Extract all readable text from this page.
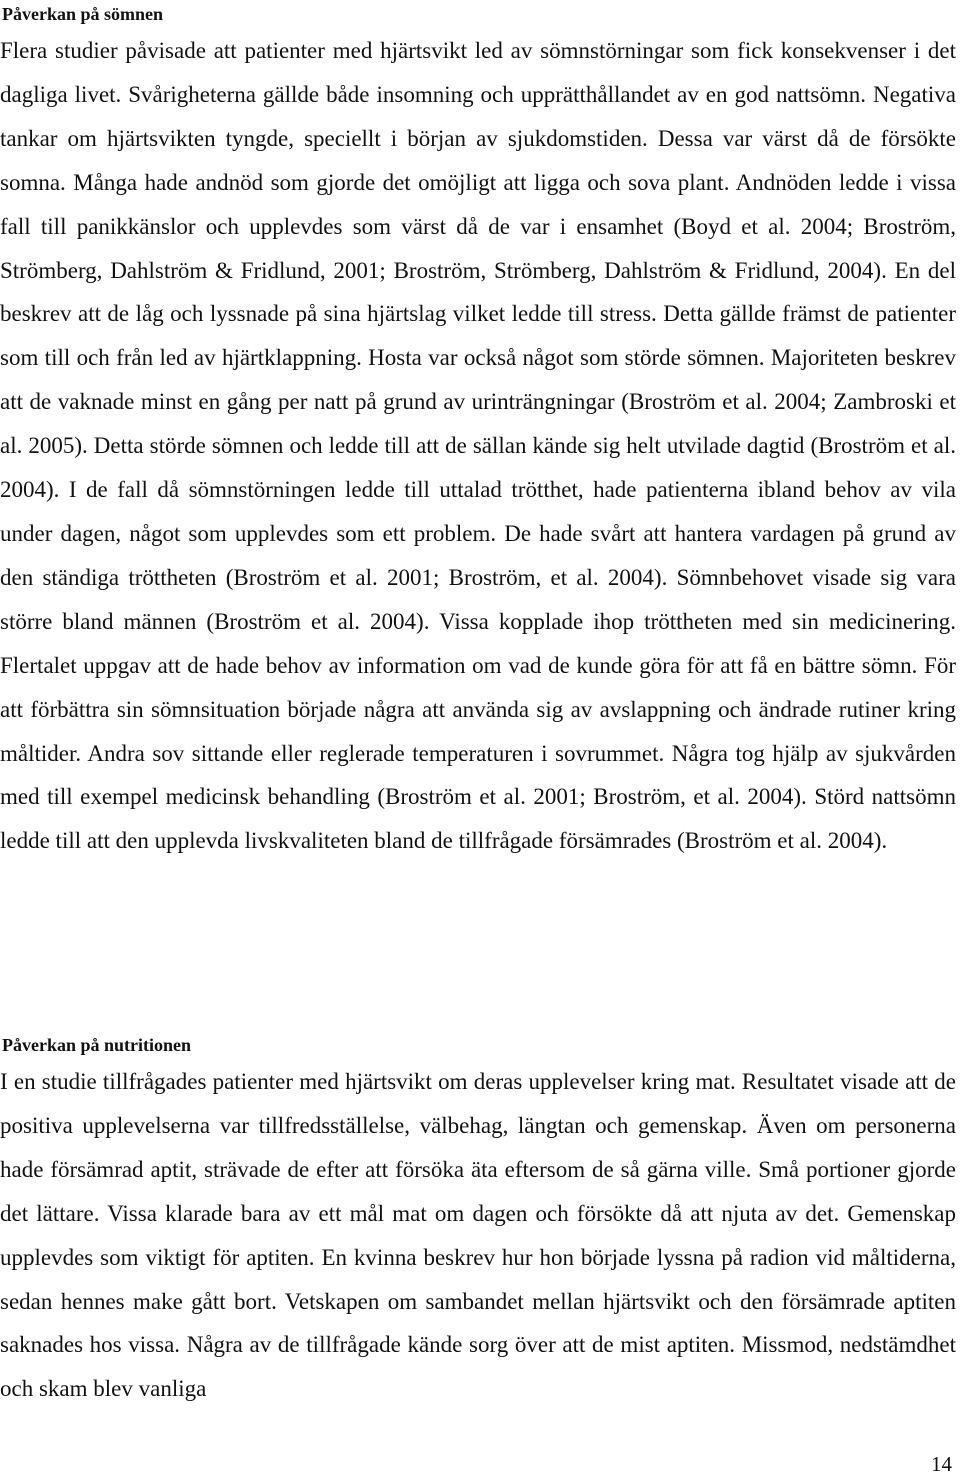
Påverkan på sömnen

Flera studier påvisade att patienter med hjärtsvikt led av sömnstörningar som fick konsekvenser i det dagliga livet. Svårigheterna gällde både insomning och upprätthållandet av en god nattsömn. Negativa tankar om hjärtsvikten tyngde, speciellt i början av sjukdomstiden. Dessa var värst då de försökte somna. Många hade andnöd som gjorde det omöjligt att ligga och sova plant. Andnöden ledde i vissa fall till panikkänslor och upplevdes som värst då de var i ensamhet (Boyd et al. 2004; Broström, Strömberg, Dahlström & Fridlund, 2001; Broström, Strömberg, Dahlström & Fridlund, 2004). En del beskrev att de låg och lyssnade på sina hjärtslag vilket ledde till stress. Detta gällde främst de patienter som till och från led av hjärtklappning. Hosta var också något som störde sömnen. Majoriteten beskrev att de vaknade minst en gång per natt på grund av urinträngningar (Broström et al. 2004; Zambroski et al. 2005). Detta störde sömnen och ledde till att de sällan kände sig helt utvilade dagtid (Broström et al. 2004). I de fall då sömnstörningen ledde till uttalad trötthet, hade patienterna ibland behov av vila under dagen, något som upplevdes som ett problem. De hade svårt att hantera vardagen på grund av den ständiga tröttheten (Broström et al. 2001; Broström, et al. 2004). Sömnbehovet visade sig vara större bland männen (Broström et al. 2004). Vissa kopplade ihop tröttheten med sin medicinering. Flertalet uppgav att de hade behov av information om vad de kunde göra för att få en bättre sömn. För att förbättra sin sömnsituation började några att använda sig av avslappning och ändrade rutiner kring måltider. Andra sov sittande eller reglerade temperaturen i sovrummet. Några tog hjälp av sjukvården med till exempel medicinsk behandling (Broström et al. 2001; Broström, et al. 2004). Störd nattsömn ledde till att den upplevda livskvaliteten bland de tillfrågade försämrades (Broström et al. 2004).

Påverkan på nutritionen

I en studie tillfrågades patienter med hjärtsvikt om deras upplevelser kring mat. Resultatet visade att de positiva upplevelserna var tillfredsställelse, välbehag, längtan och gemenskap. Även om personerna hade försämrad aptit, strävade de efter att försöka äta eftersom de så gärna ville. Små portioner gjorde det lättare. Vissa klarade bara av ett mål mat om dagen och försökte då att njuta av det. Gemenskap upplevdes som viktigt för aptiten. En kvinna beskrev hur hon började lyssna på radion vid måltiderna, sedan hennes make gått bort. Vetskapen om sambandet mellan hjärtsvikt och den försämrade aptiten saknades hos vissa. Några av de tillfrågade kände sorg över att de mist aptiten. Missmod, nedstämdhet och skam blev vanliga

14
